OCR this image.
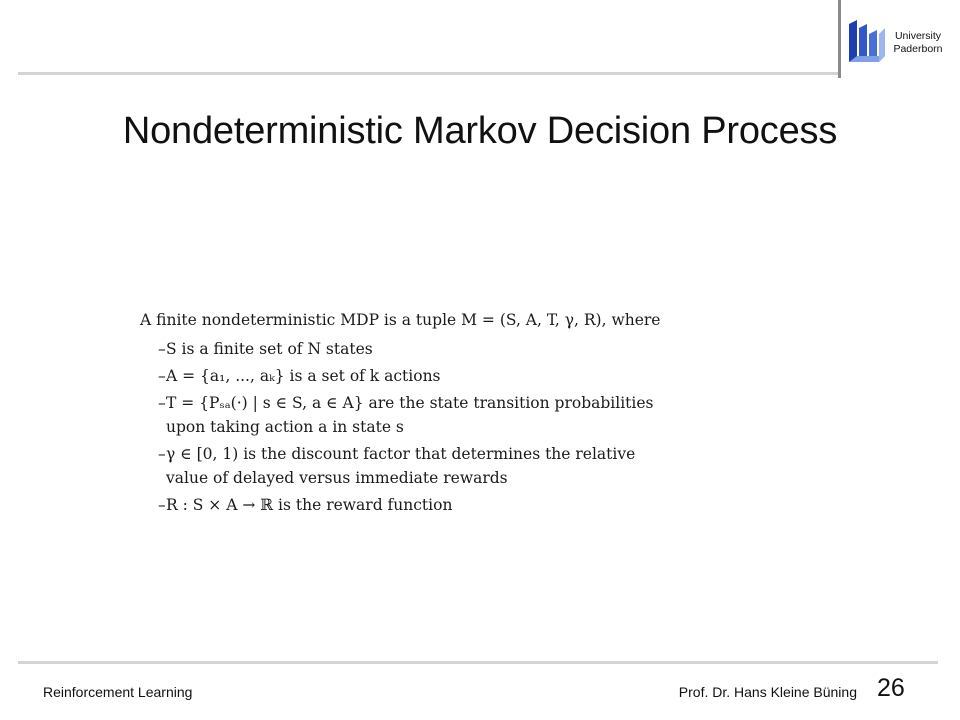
University
Paderborn
Nondeterministic Markov Decision Process

A finite nondeterministic MDP is a tuple M = (S, A, T, γ, R), where

– S is a finite set of N states
– A = {a₁, ..., aₖ} is a set of k actions
– T = {Pₛₐ(·) | s ∈ S, a ∈ A} are the state transition probabilities
upon taking action a in state s
– γ ∈ [0, 1) is the discount factor that determines the relative
value of delayed versus immediate rewards
– R : S × A → ℝ is the reward function
Reinforcement Learning	Prof. Dr. Hans Kleine Büning 26
